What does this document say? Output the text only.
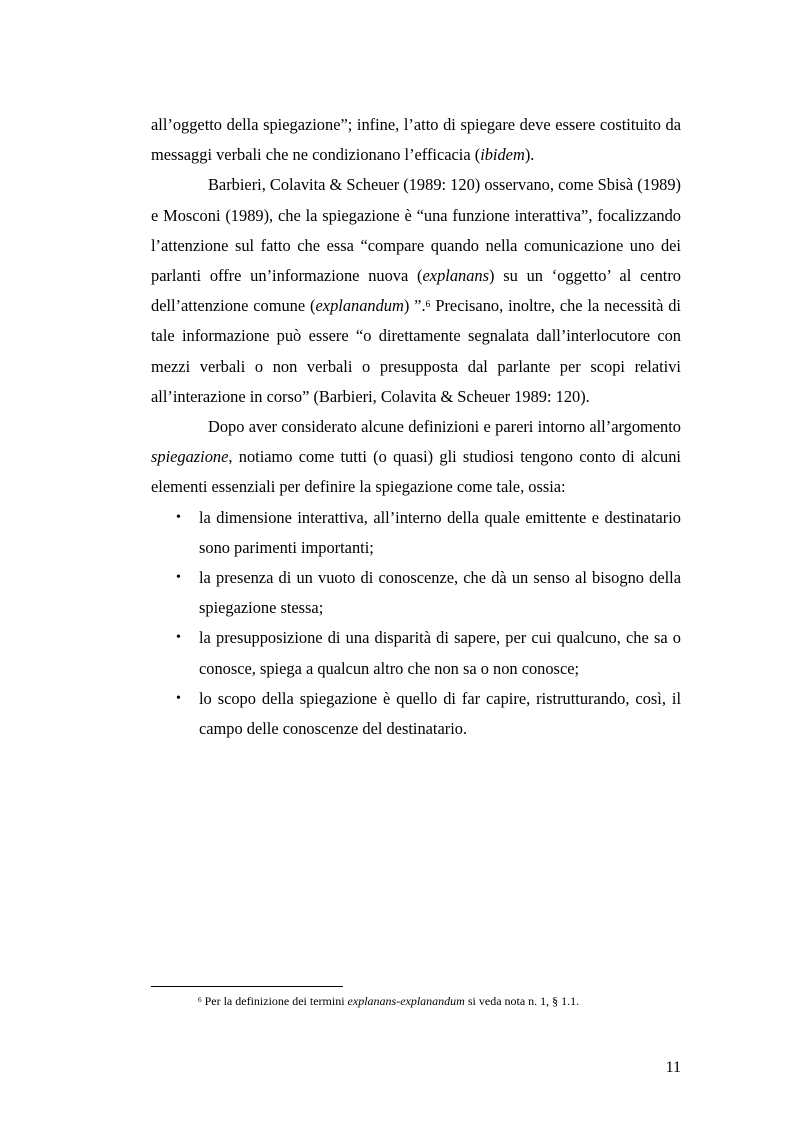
all’oggetto della spiegazione”; infine, l’atto di spiegare deve essere costituito da messaggi verbali che ne condizionano l’efficacia (ibidem).

Barbieri, Colavita & Scheuer (1989: 120) osservano, come Sbisà (1989) e Mosconi (1989), che la spiegazione è “una funzione interattiva”, focalizzando l’attenzione sul fatto che essa “compare quando nella comunicazione uno dei parlanti offre un’informazione nuova (explanans) su un ‘oggetto’ al centro dell’attenzione comune (explanandum) ”.$^6$ Precisano, inoltre, che la necessità di tale informazione può essere “o direttamente segnalata dall’interlocutore con mezzi verbali o non verbali o presupposta dal parlante per scopi relativi all’interazione in corso” (Barbieri, Colavita & Scheuer 1989: 120).

Dopo aver considerato alcune definizioni e pareri intorno all’argomento spiegazione, notiamo come tutti (o quasi) gli studiosi tengono conto di alcuni elementi essenziali per definire la spiegazione come tale, ossia:

• la dimensione interattiva, all’interno della quale emittente e destinatario sono parimenti importanti;
• la presenza di un vuoto di conoscenze, che dà un senso al bisogno della spiegazione stessa;
• la presupposizione di una disparità di sapere, per cui qualcuno, che sa o conosce, spiega a qualcun altro che non sa o non conosce;
• lo scopo della spiegazione è quello di far capire, ristrutturando, così, il campo delle conoscenze del destinatario.
$^6$ Per la definizione dei termini explanans-explanandum si veda nota n. 1, § 1.1.
11
